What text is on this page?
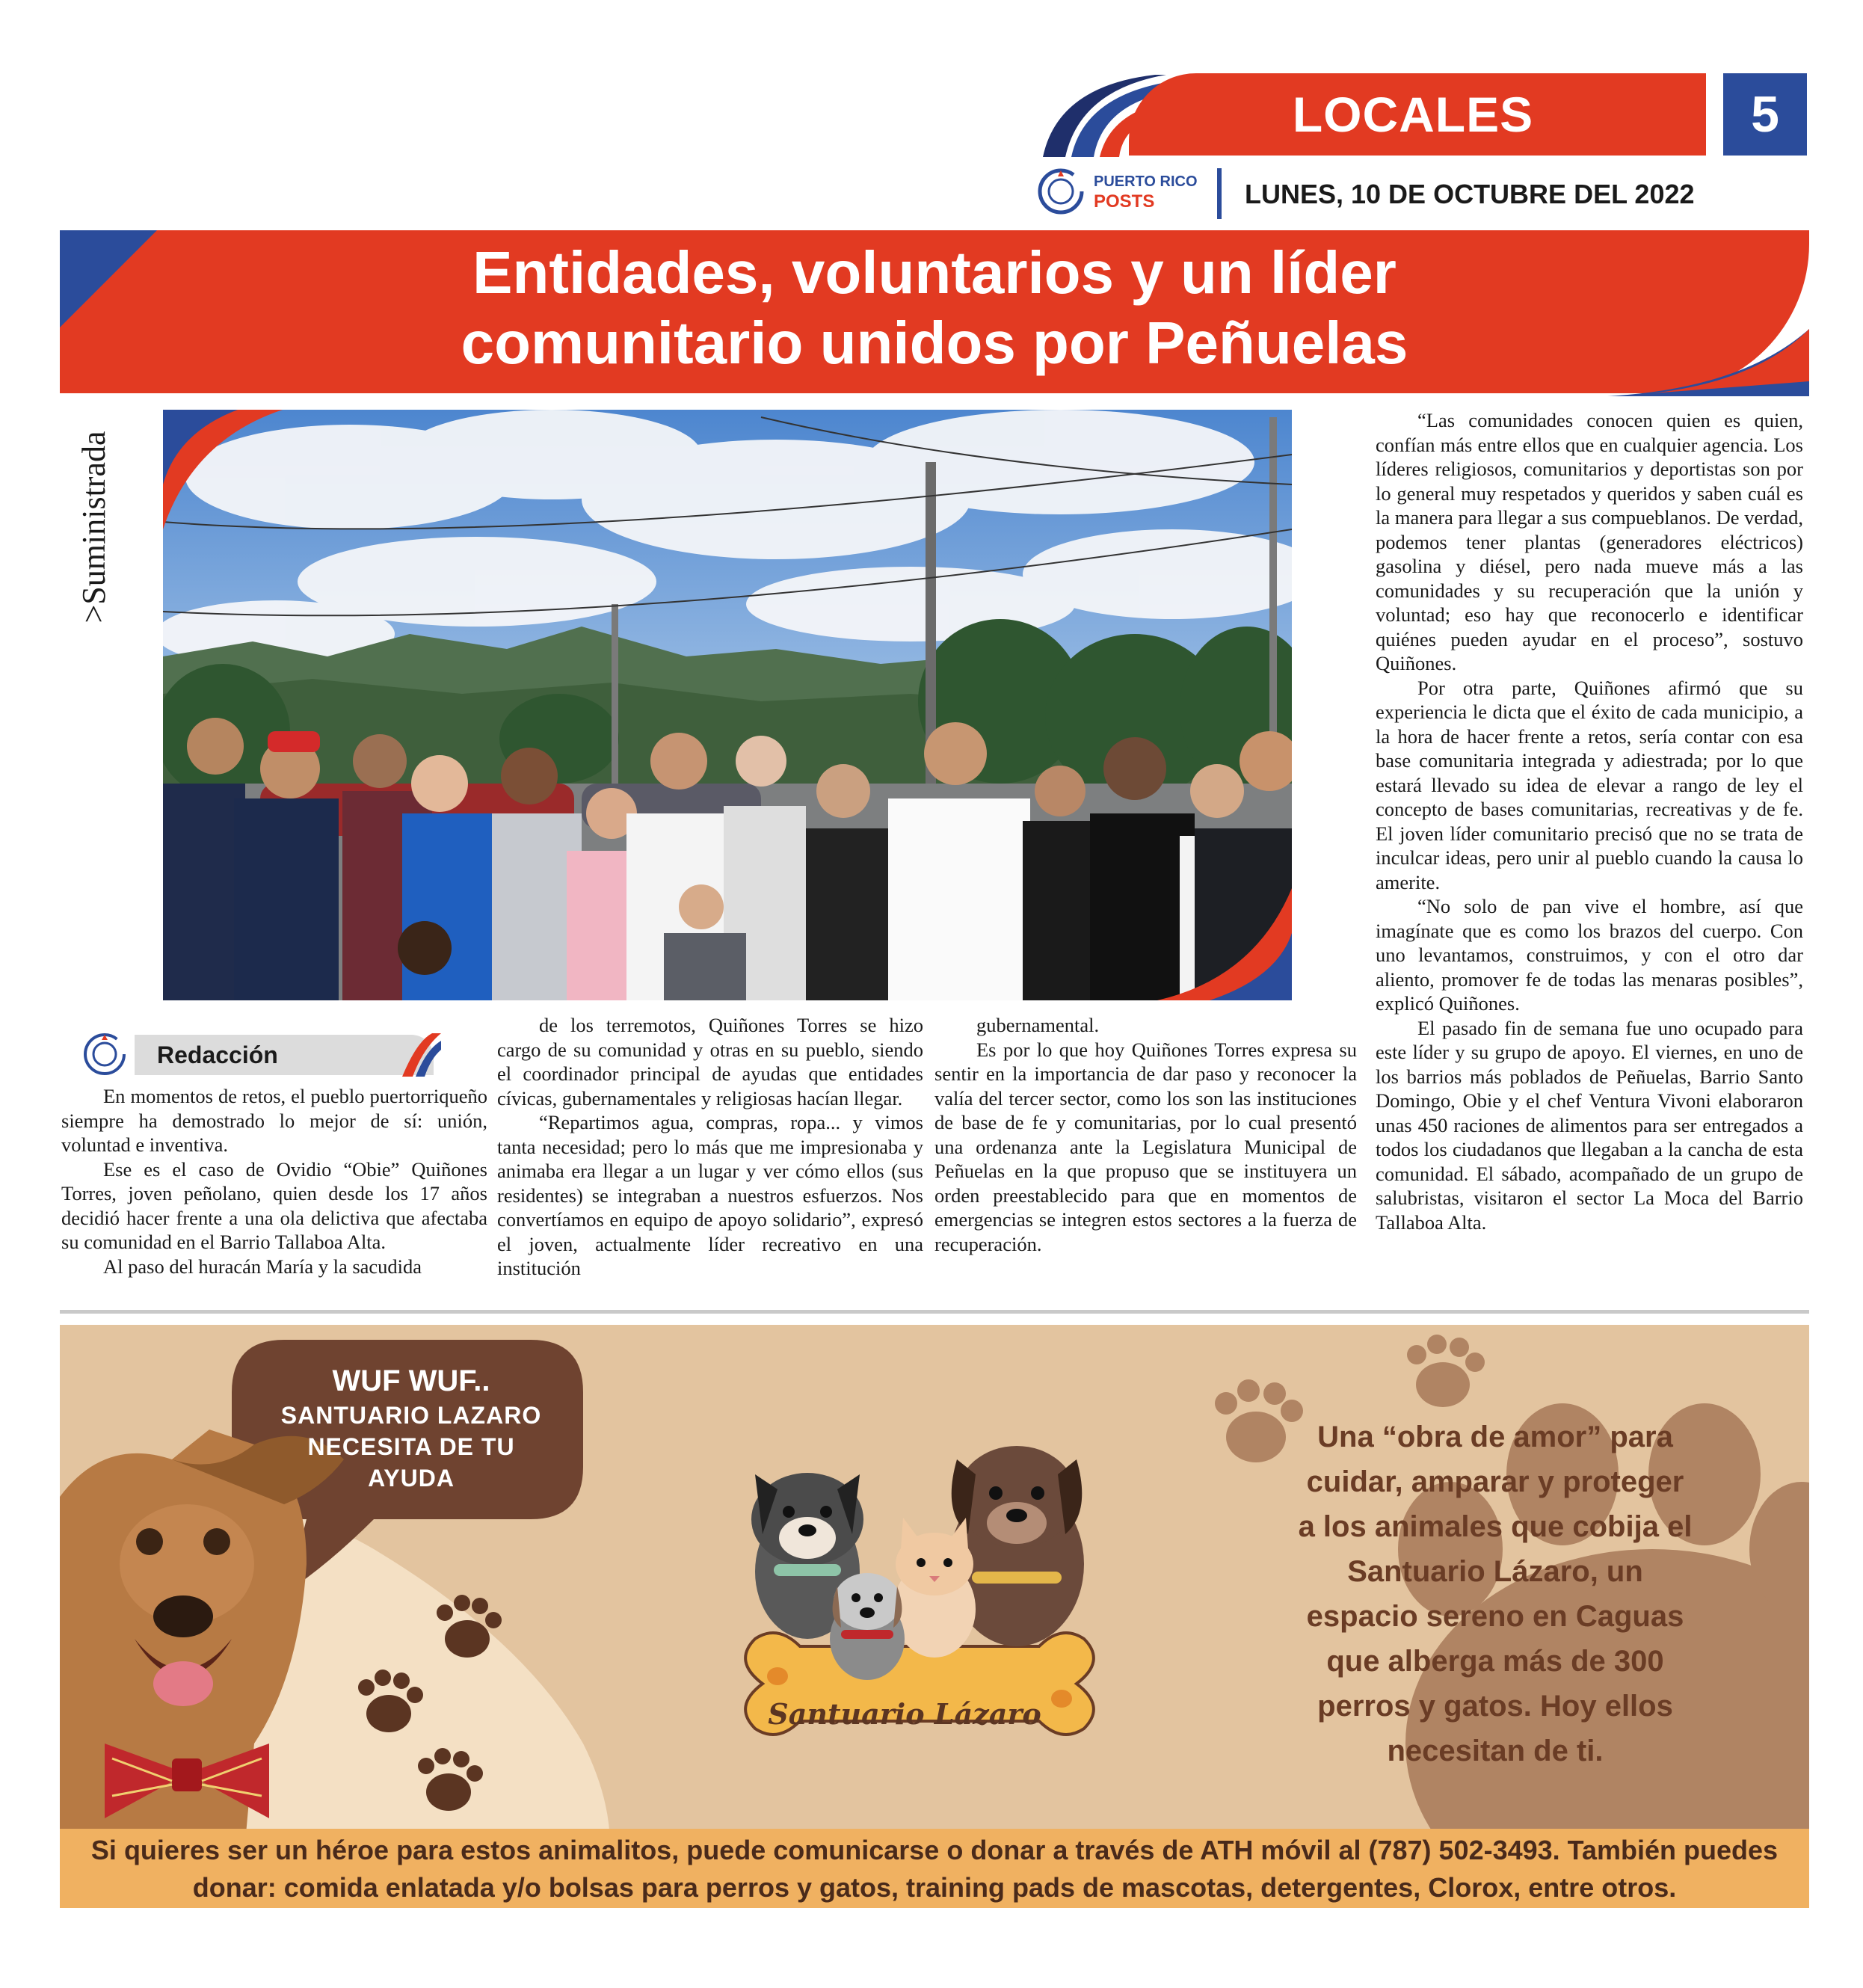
LOCALES	5
PUERTO RICO
POSTS	LUNES, 10 DE OCTUBRE DEL 2022
Entidades, voluntarios y un líder
comunitario unidos por Peñuelas
>Suministrada
Redacción

En momentos de retos, el pueblo puertorriqueño siempre ha demostrado lo mejor de sí: unión, voluntad e inventiva.

Ese es el caso de Ovidio “Obie” Quiñones Torres, joven peñolano, quien desde los 17 años decidió hacer frente a una ola delictiva que afectaba su comunidad en el Barrio Tallaboa Alta.

Al paso del huracán María y la sacudida

de los terremotos, Quiñones Torres se hizo cargo de su comunidad y otras en su pueblo, siendo el coordinador principal de ayudas que entidades cívicas, gubernamentales y religiosas hacían llegar.

“Repartimos agua, compras, ropa... y vimos tanta necesidad; pero lo más que me impresionaba y animaba era llegar a un lugar y ver cómo ellos (sus residentes) se integraban a nuestros esfuerzos. Nos convertíamos en equipo de apoyo solidario”, expresó el joven, actualmente líder recreativo en una institución

gubernamental.

Es por lo que hoy Quiñones Torres expresa su sentir en la importancia de dar paso y reconocer la valía del tercer sector, como los son las instituciones de base de fe y comunitarias, por lo cual presentó una ordenanza ante la Legislatura Municipal de Peñuelas en la que propuso que se instituyera un orden preestablecido para que en momentos de emergencias se integren estos sectores a la fuerza de recuperación.

“Las comunidades conocen quien es quien, confían más entre ellos que en cualquier agencia. Los líderes religiosos, comunitarios y deportistas son por lo general muy respetados y queridos y saben cuál es la manera para llegar a sus compueblanos. De verdad, podemos tener plantas (generadores eléctricos) gasolina y diésel, pero nada mueve más a las comunidades y su recuperación que la unión y voluntad; eso hay que reconocerlo e identificar quiénes pueden ayudar en el proceso”, sostuvo Quiñones.

Por otra parte, Quiñones afirmó que su experiencia le dicta que el éxito de cada municipio, a la hora de hacer frente a retos, sería contar con esa base comunitaria integrada y adiestrada; por lo que estará llevado su idea de elevar a rango de ley el concepto de bases comunitarias, recreativas y de fe. El joven líder comunitario precisó que no se trata de inculcar ideas, pero unir al pueblo cuando la causa lo amerite.

“No solo de pan vive el hombre, así que imagínate que es como los brazos del cuerpo. Con uno levantamos, construimos, y con el otro dar aliento, promover fe de todas las menaras posibles”, explicó Quiñones.

El pasado fin de semana fue uno ocupado para este líder y su grupo de apoyo. El viernes, en uno de los barrios más poblados de Peñuelas, Barrio Santo Domingo, Obie y el chef Ventura Vivoni elaboraron unas 450 raciones de alimentos para ser entregados a todos los ciudadanos que llegaban a la cancha de esta comunidad. El sábado, acompañado de un grupo de salubristas, visitaron el sector La Moca del Barrio Tallaboa Alta.

WUF WUF..
SANTUARIO LAZARO
NECESITA DE TU
AYUDA
Santuario Lázaro
Una “obra de amor” para
cuidar, amparar y proteger
a los animales que cobija el
Santuario Lázaro, un
espacio sereno en Caguas
que alberga más de 300
perros y gatos. Hoy ellos
necesitan de ti.
Si quieres ser un héroe para estos animalitos, puede comunicarse o donar a través de ATH móvil al (787) 502-3493. También puedes
donar: comida enlatada y/o bolsas para perros y gatos, training pads de mascotas, detergentes, Clorox, entre otros.
